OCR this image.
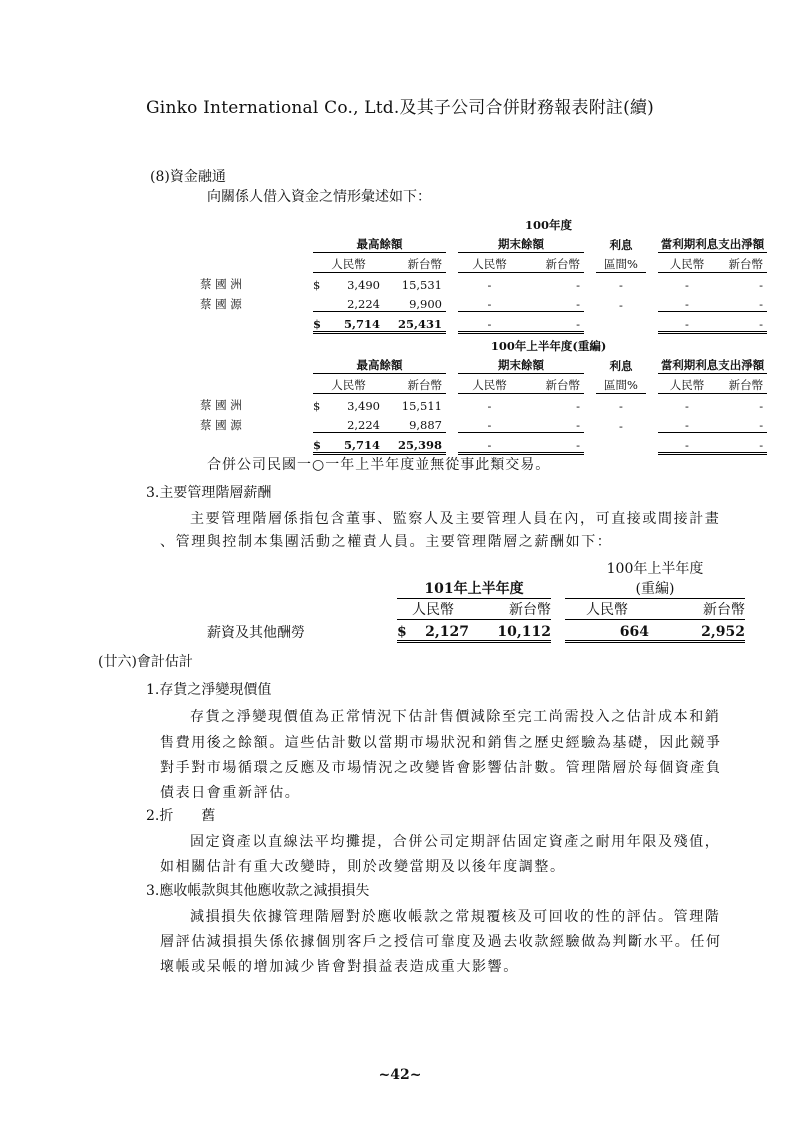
Ginko International Co., Ltd.及其子公司合併財務報表附註(續)
(8)資金融通
向關係人借入資金之情形彙述如下：
100年度											
	最高餘額				期末餘額			利息		當利期利息支出淨額	
	人民幣		新台幣		人民幣	新台幣		區間%		人民幣	新台幣
蔡 國 洲	$	3,490	15,531		-	-		-		-	-
蔡 國 源		2,224	9,900		-	-		-		-	-
	$	5,714	25,431		-	-				-	-
100年上半年度(重編)											
	最高餘額				期末餘額			利息		當利期利息支出淨額	
	人民幣		新台幣		人民幣	新台幣		區間%		人民幣	新台幣
蔡 國 洲	$	3,490	15,511		-	-		-		-	-
蔡 國 源		2,224	9,887		-	-		-		-	-
	$	5,714	25,398		-	-				-	-
合併公司民國一○一年上半年度並無從事此類交易。
3.主要管理階層薪酬
主要管理階層係指包含董事、監察人及主要管理人員在內，可直接或間接計畫
、管理與控制本集團活動之權責人員。主要管理階層之薪酬如下：
					100年上半年度	
	101年上半年度				(重編)	
	人民幣		新台幣		人民幣	新台幣
薪資及其他酬勞	$	2,127	10,112		664	2,952
(廿六)會計估計
1.存貨之淨變現價值
存貨之淨變現價值為正常情況下估計售價減除至完工尚需投入之估計成本和銷
售費用後之餘額。這些估計數以當期市場狀況和銷售之歷史經驗為基礎，因此競爭
對手對市場循環之反應及市場情況之改變皆會影響估計數。管理階層於每個資產負
債表日會重新評估。
2.折　　舊
固定資產以直線法平均攤提，合併公司定期評估固定資產之耐用年限及殘值，
如相關估計有重大改變時，則於改變當期及以後年度調整。
3.應收帳款與其他應收款之減損損失
減損損失依據管理階層對於應收帳款之常規覆核及可回收的性的評估。管理階
層評估減損損失係依據個別客戶之授信可靠度及過去收款經驗做為判斷水平。任何
壞帳或呆帳的增加減少皆會對損益表造成重大影響。
~42~
